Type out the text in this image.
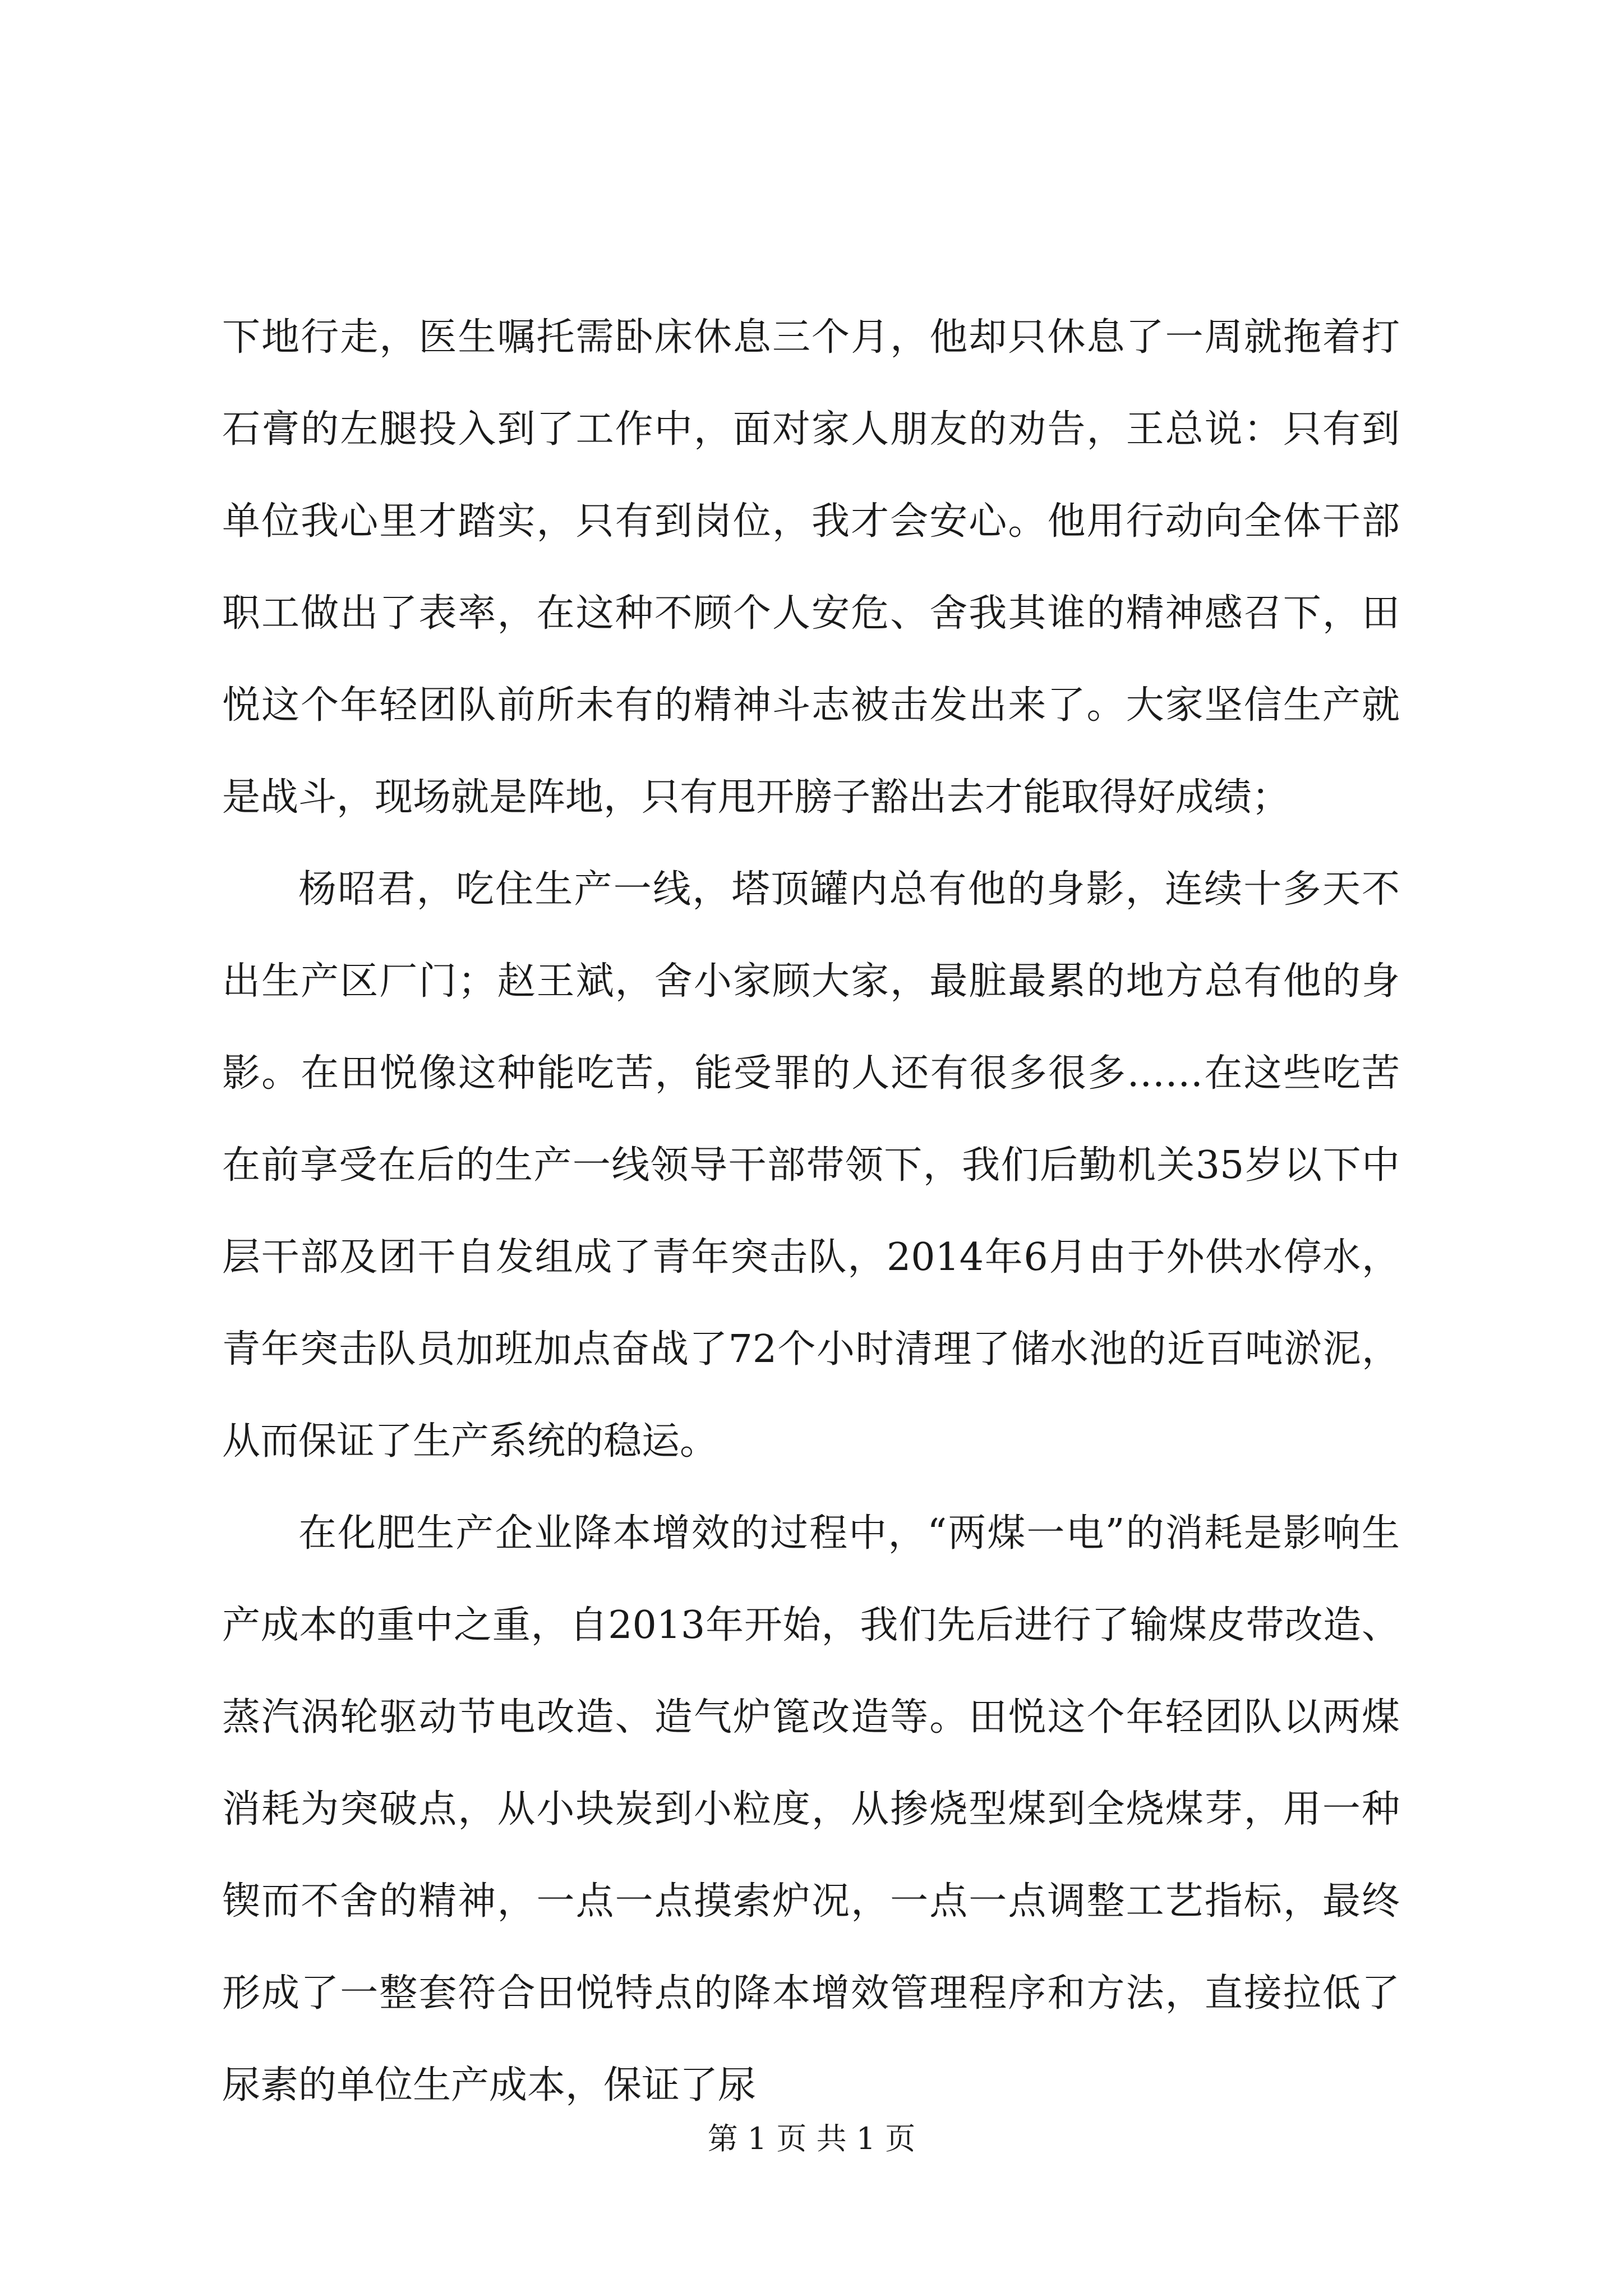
下地行走，医生嘱托需卧床休息三个月，他却只休息了一周就拖着打石膏的左腿投入到了工作中，面对家人朋友的劝告，王总说：只有到单位我心里才踏实，只有到岗位，我才会安心。他用行动向全体干部职工做出了表率，在这种不顾个人安危、舍我其谁的精神感召下，田悦这个年轻团队前所未有的精神斗志被击发出来了。大家坚信生产就是战斗，现场就是阵地，只有甩开膀子豁出去才能取得好成绩；

杨昭君，吃住生产一线，塔顶罐内总有他的身影，连续十多天不出生产区厂门；赵王斌，舍小家顾大家，最脏最累的地方总有他的身影。在田悦像这种能吃苦，能受罪的人还有很多很多……在这些吃苦在前享受在后的生产一线领导干部带领下，我们后勤机关35岁以下中层干部及团干自发组成了青年突击队，2014年6月由于外供水停水，青年突击队员加班加点奋战了72个小时清理了储水池的近百吨淤泥，从而保证了生产系统的稳运。

在化肥生产企业降本增效的过程中，“两煤一电”的消耗是影响生产成本的重中之重，自2013年开始，我们先后进行了输煤皮带改造、蒸汽涡轮驱动节电改造、造气炉篦改造等。田悦这个年轻团队以两煤消耗为突破点，从小块炭到小粒度，从掺烧型煤到全烧煤芽，用一种锲而不舍的精神，一点一点摸索炉况，一点一点调整工艺指标，最终形成了一整套符合田悦特点的降本增效管理程序和方法，直接拉低了尿素的单位生产成本，保证了尿

第 1 页 共 1 页
